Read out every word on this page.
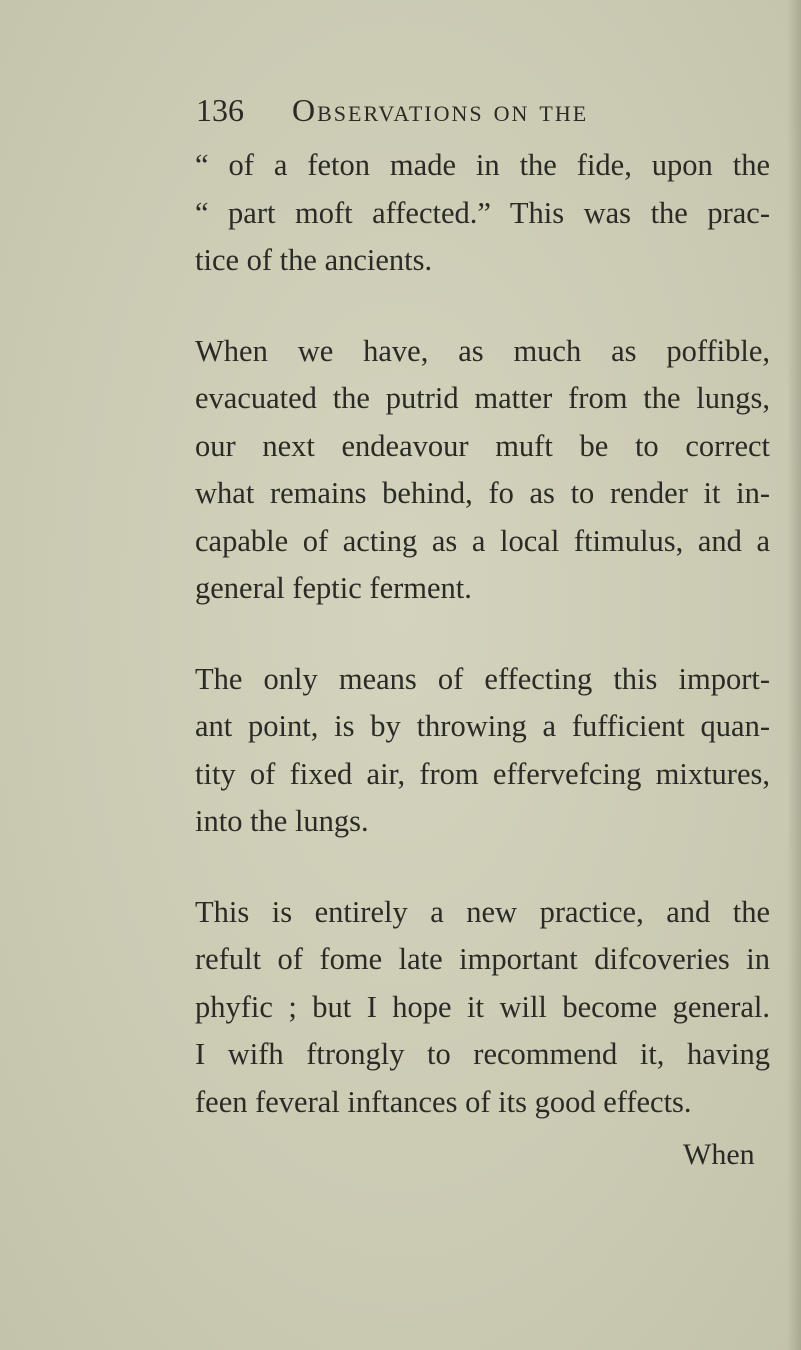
136 Observations on the
“ of a feton made in the fide, upon the
“ part moft affected.” This was the prac-
tice of the ancients.
When we have, as much as poffible,
evacuated the putrid matter from the lungs,
our next endeavour muft be to correct
what remains behind, fo as to render it in-
capable of acting as a local ftimulus, and a
general feptic ferment.
The only means of effecting this import-
ant point, is by throwing a fufficient quan-
tity of fixed air, from effervefcing mixtures,
into the lungs.
This is entirely a new practice, and the
refult of fome late important difcoveries in
phyfic ; but I hope it will become general.
I wifh ftrongly to recommend it, having
feen feveral inftances of its good effects.
When
